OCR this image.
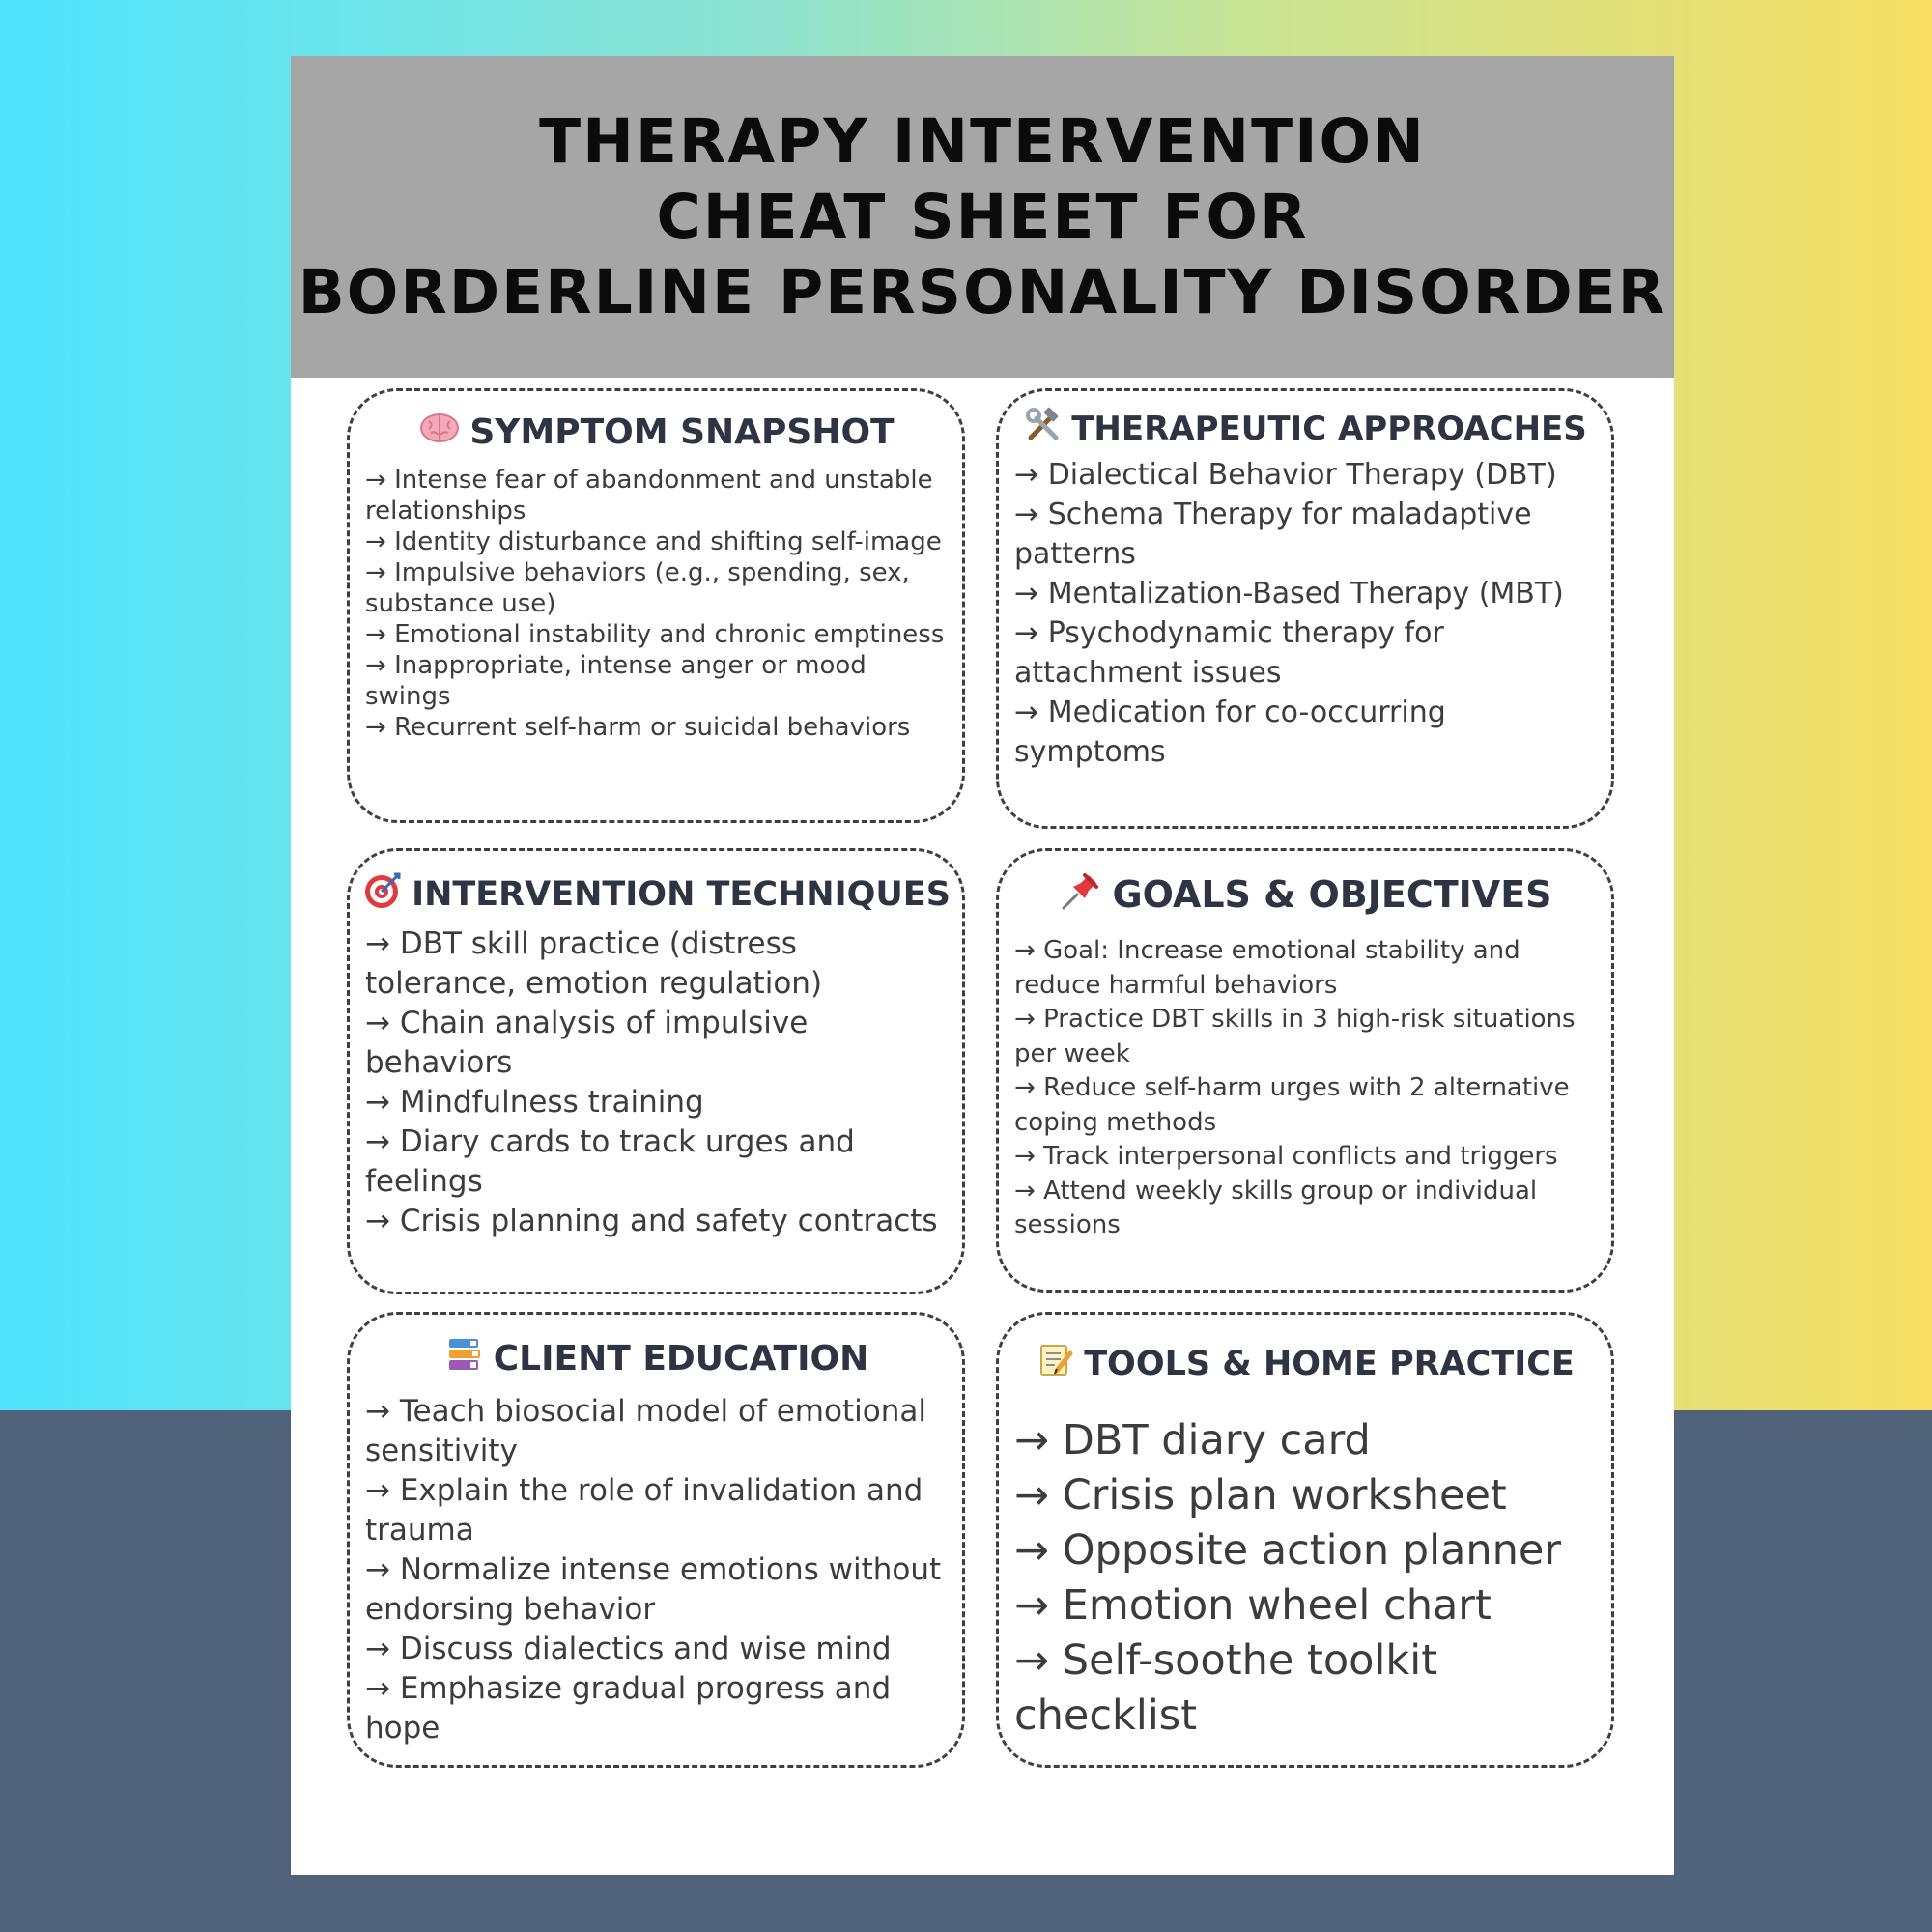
THERAPY INTERVENTION
CHEAT SHEET FOR
BORDERLINE PERSONALITY DISORDER
SYMPTOM SNAPSHOT
→ Intense fear of abandonment and unstable relationships
→ Identity disturbance and shifting self-image
→ Impulsive behaviors (e.g., spending, sex, substance use)
→ Emotional instability and chronic emptiness
→ Inappropriate, intense anger or mood swings
→ Recurrent self-harm or suicidal behaviors
THERAPEUTIC APPROACHES
→ Dialectical Behavior Therapy (DBT)
→ Schema Therapy for maladaptive patterns
→ Mentalization-Based Therapy (MBT)
→ Psychodynamic therapy for attachment issues
→ Medication for co-occurring symptoms
INTERVENTION TECHNIQUES
→ DBT skill practice (distress tolerance, emotion regulation)
→ Chain analysis of impulsive behaviors
→ Mindfulness training
→ Diary cards to track urges and feelings
→ Crisis planning and safety contracts
GOALS & OBJECTIVES
→ Goal: Increase emotional stability and reduce harmful behaviors
→ Practice DBT skills in 3 high-risk situations per week
→ Reduce self-harm urges with 2 alternative coping methods
→ Track interpersonal conflicts and triggers
→ Attend weekly skills group or individual sessions
CLIENT EDUCATION
→ Teach biosocial model of emotional sensitivity
→ Explain the role of invalidation and trauma
→ Normalize intense emotions without endorsing behavior
→ Discuss dialectics and wise mind
→ Emphasize gradual progress and hope
TOOLS & HOME PRACTICE
→ DBT diary card
→ Crisis plan worksheet
→ Opposite action planner
→ Emotion wheel chart
→ Self-soothe toolkit checklist
